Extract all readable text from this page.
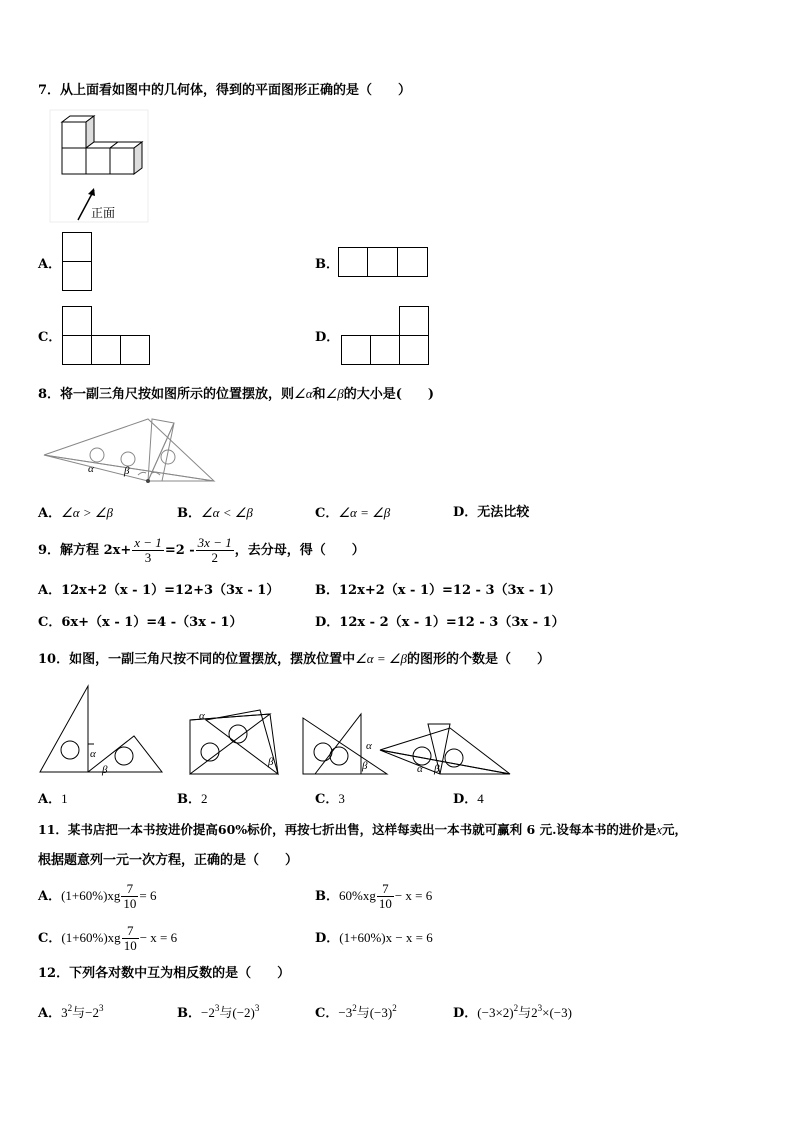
7．从上面看如图中的几何体，得到的平面图形正确的是（　　）
正面
A．	B．
C．	D．
8．将一副三角尺按如图所示的位置摆放，则∠α和∠β的大小是(　　)
α	β
A．∠α > ∠β	B．∠α < ∠β	C．∠α = ∠β	D．无法比较
9．解方程 $2x+ \frac{x - 1}{3} =2 - \frac{3x - 1}{2}$ ，去分母，得（　　）
A．12x+2（x - 1）=12+3（3x - 1）	B．12x+2（x - 1）=12 - 3（3x - 1）
C．6x+（x - 1）=4 -（3x - 1）	D．12x - 2（x - 1）=12 - 3（3x - 1）
10．如图，一副三角尺按不同的位置摆放，摆放位置中∠α = ∠β的图形的个数是（　　）
α
β
α
β
α
β	α β
A．1	B．2	C．3	D．4
11．某书店把一本书按进价提高60%标价，再按七折出售，这样每卖出一本书就可赢利 6 元.设每本书的进价是x元，
根据题意列一元一次方程，正确的是（　　）
A．$(1+60\%)xg \frac{7}{10} = 6$	B．$60\%xg \frac{7}{10} - x = 6$
C．$(1+60\%)xg \frac{7}{10} - x = 6$	D．(1+60%)x − x = 6
12．下列各对数中互为相反数的是（　　）
A．$3^2$与$-2^3$	B．$-2^3$与$(-2)^3$	C．$-3^2$与$(-3)^2$	D．$(-3\times 2)^2$与$2^3\times(-3)$
